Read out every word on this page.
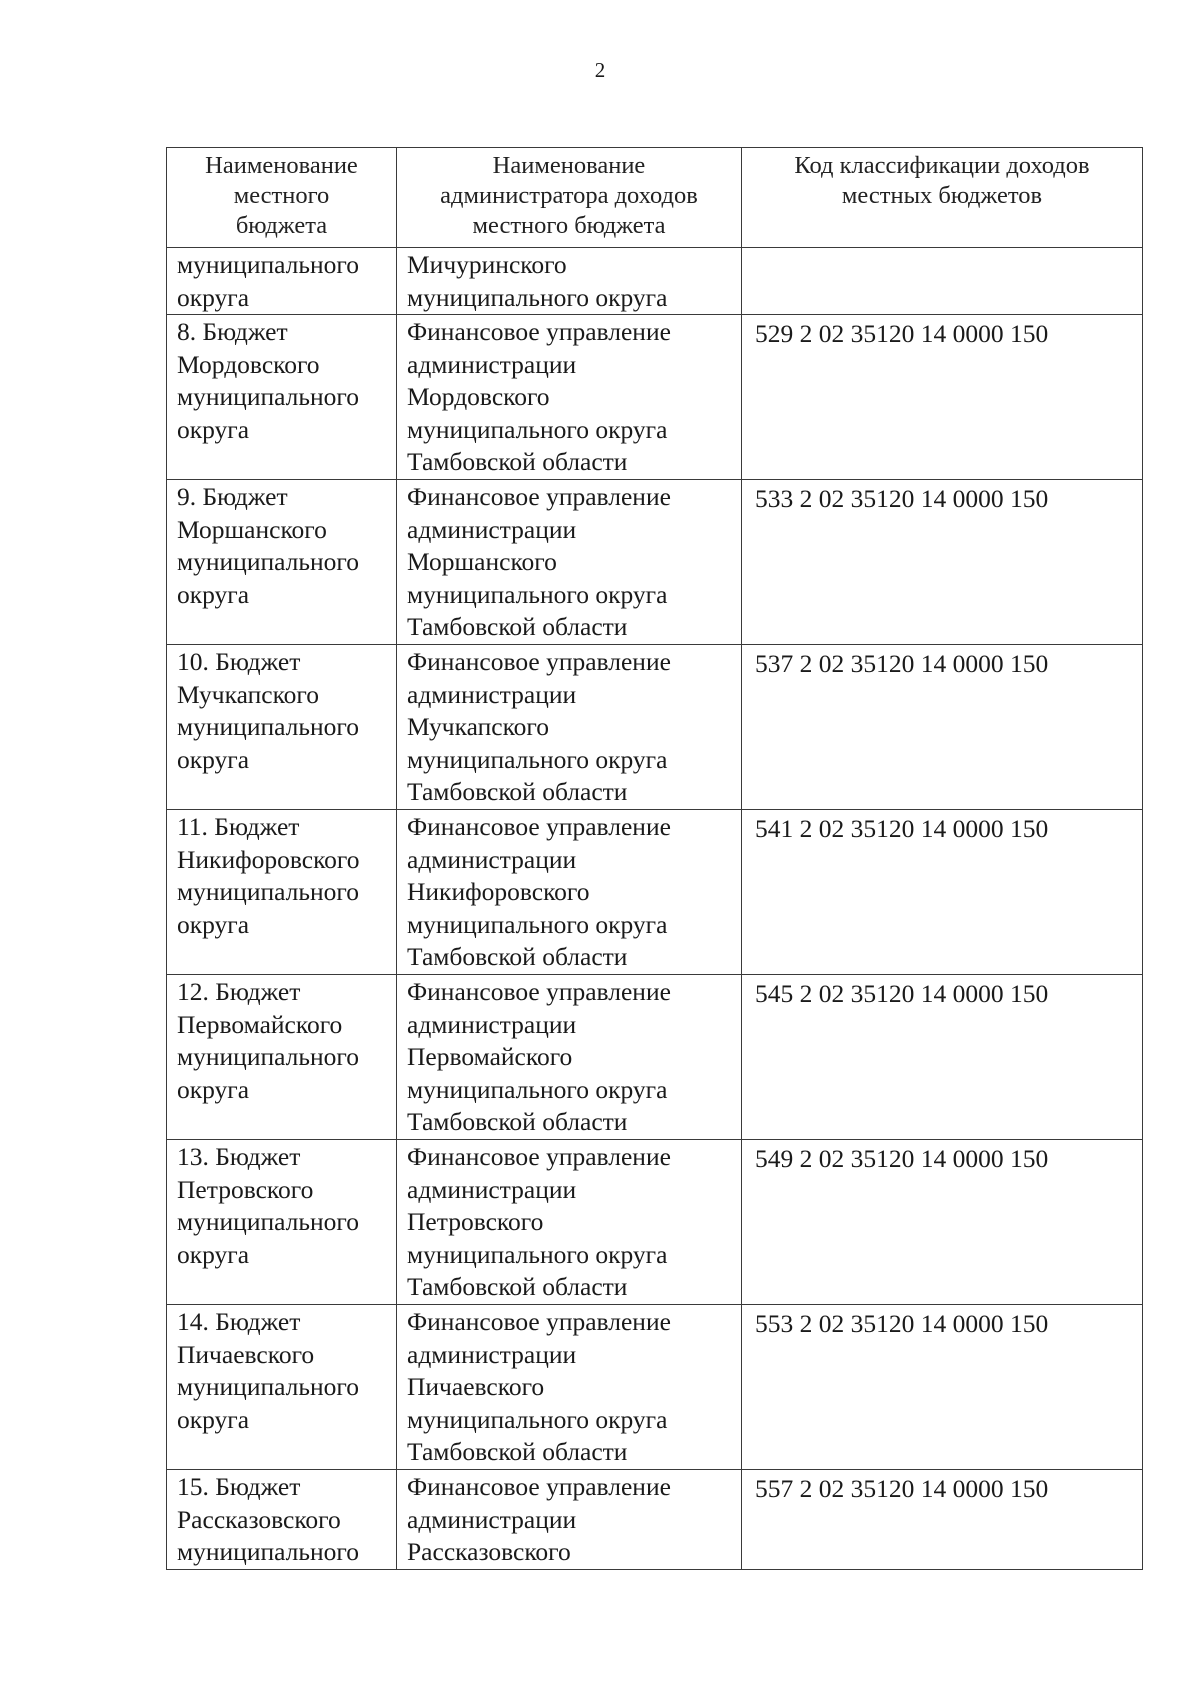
2
Наименование
местного
бюджета	Наименование
администратора доходов
местного бюджета	Код классификации доходов
местных бюджетов

муниципального
округа	Мичуринского
муниципального округа	

8. Бюджет
Мордовского
муниципального
округа	Финансовое управление
администрации
Мордовского
муниципального округа
Тамбовской области	529 2 02 35120 14 0000 150

9. Бюджет
Моршанского
муниципального
округа	Финансовое управление
администрации
Моршанского
муниципального округа
Тамбовской области	533 2 02 35120 14 0000 150

10. Бюджет
Мучкапского
муниципального
округа	Финансовое управление
администрации
Мучкапского
муниципального округа
Тамбовской области	537 2 02 35120 14 0000 150

11. Бюджет
Никифоровского
муниципального
округа	Финансовое управление
администрации
Никифоровского
муниципального округа
Тамбовской области	541 2 02 35120 14 0000 150

12. Бюджет
Первомайского
муниципального
округа	Финансовое управление
администрации
Первомайского
муниципального округа
Тамбовской области	545 2 02 35120 14 0000 150

13. Бюджет
Петровского
муниципального
округа	Финансовое управление
администрации
Петровского
муниципального округа
Тамбовской области	549 2 02 35120 14 0000 150

14. Бюджет
Пичаевского
муниципального
округа	Финансовое управление
администрации
Пичаевского
муниципального округа
Тамбовской области	553 2 02 35120 14 0000 150

15. Бюджет
Рассказовского
муниципального	Финансовое управление
администрации
Рассказовского	557 2 02 35120 14 0000 150
